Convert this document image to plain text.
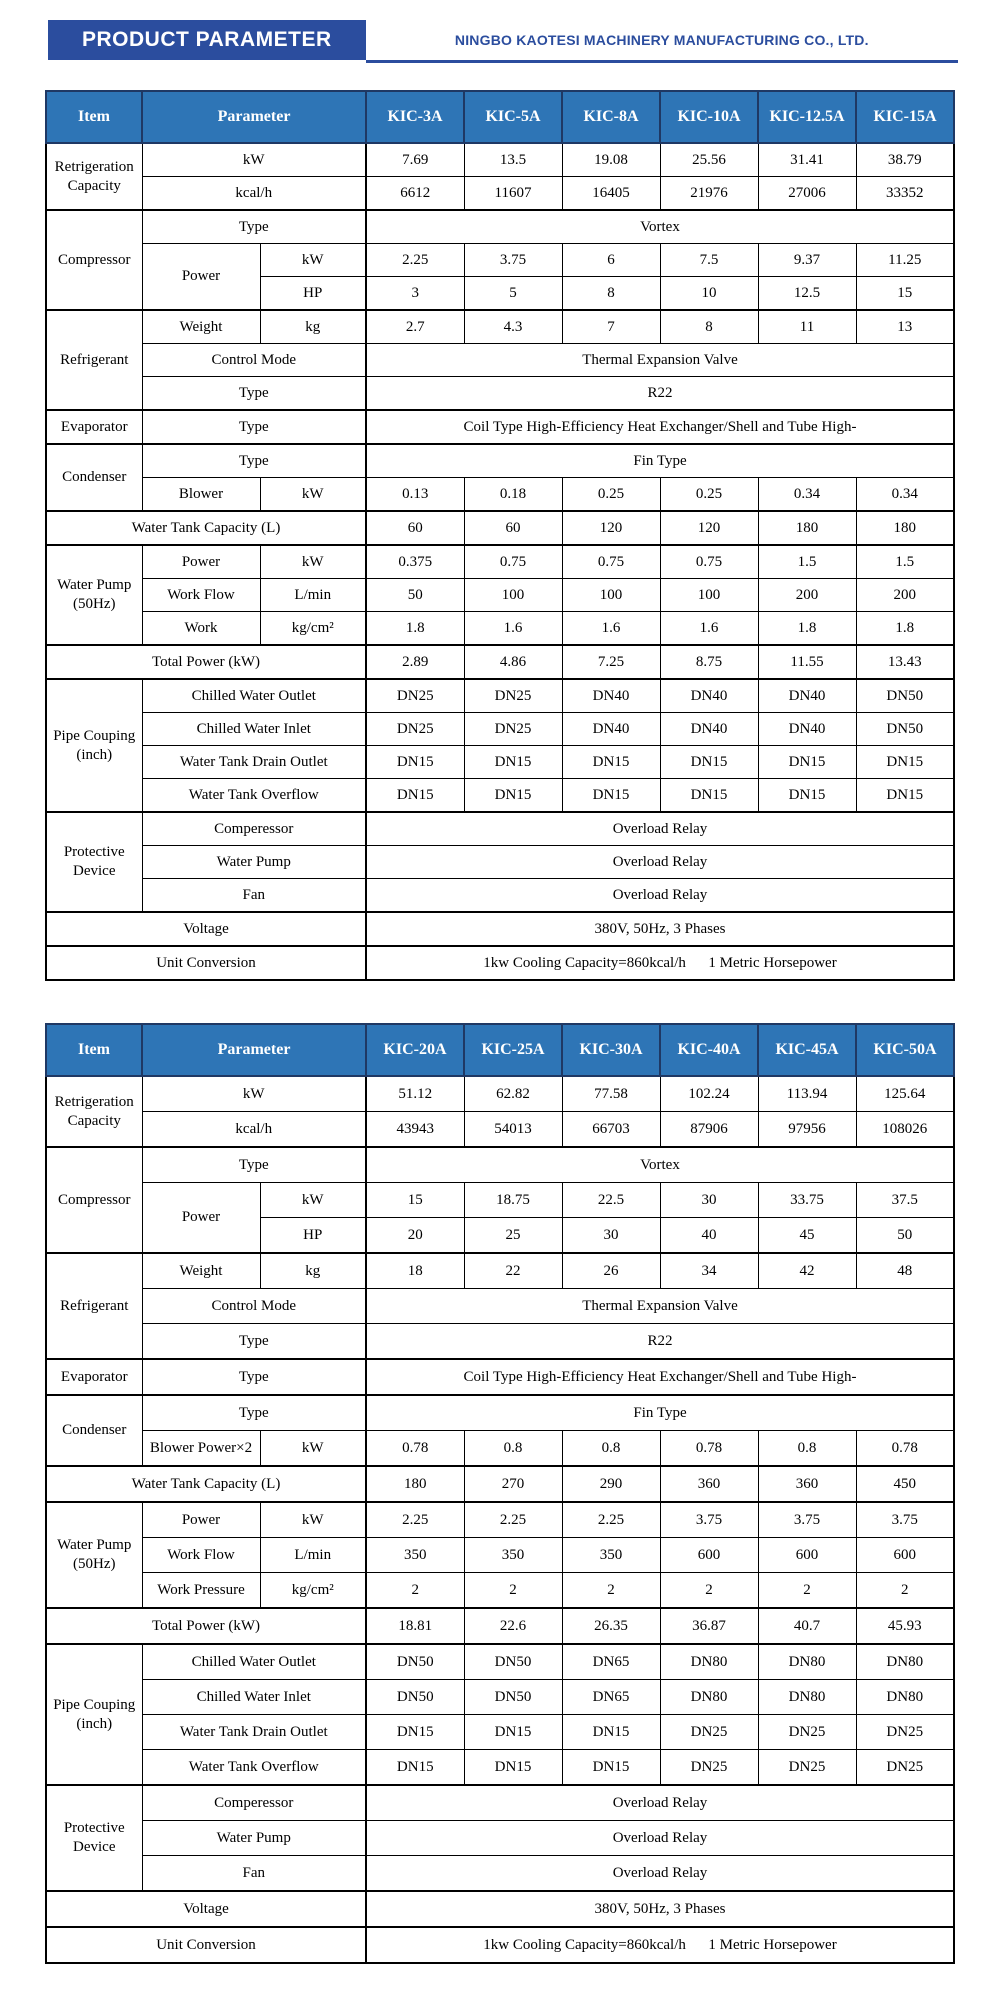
PRODUCT PARAMETER	NINGBO KAOTESI MACHINERY MANUFACTURING CO., LTD.
Item	Parameter		KIC-3A	KIC-5A	KIC-8A	KIC-10A	KIC-12.5A	KIC-15A
Retrigeration Capacity	kW		7.69	13.5	19.08	25.56	31.41	38.79
	kcal/h		6612	11607	16405	21976	27006	33352
Compressor	Type		Vortex					
	Power	kW	2.25	3.75	6	7.5	9.37	11.25
		HP	3	5	8	10	12.5	15
Refrigerant	Weight	kg	2.7	4.3	7	8	11	13
	Control Mode		Thermal Expansion Valve					
	Type		R22					
Evaporator	Type		Coil Type High-Efficiency Heat Exchanger/Shell and Tube High-					
Condenser	Type		Fin Type					
	Blower	kW	0.13	0.18	0.25	0.25	0.34	0.34
Water Tank Capacity (L)			60	60	120	120	180	180
Water Pump (50Hz)	Power	kW	0.375	0.75	0.75	0.75	1.5	1.5
	Work Flow	L/min	50	100	100	100	200	200
	Work	kg/cm²	1.8	1.6	1.6	1.6	1.8	1.8
Total Power (kW)			2.89	4.86	7.25	8.75	11.55	13.43
Pipe Couping (inch)	Chilled Water Outlet		DN25	DN25	DN40	DN40	DN40	DN50
	Chilled Water Inlet		DN25	DN25	DN40	DN40	DN40	DN50
	Water Tank Drain Outlet		DN15	DN15	DN15	DN15	DN15	DN15
	Water Tank Overflow		DN15	DN15	DN15	DN15	DN15	DN15
Protective Device	Comperessor		Overload Relay					
	Water Pump		Overload Relay					
	Fan		Overload Relay					
Voltage			380V, 50Hz, 3 Phases					
Unit Conversion			1kw Cooling Capacity=860kcal/h      1 Metric Horsepower					
Item	Parameter		KIC-20A	KIC-25A	KIC-30A	KIC-40A	KIC-45A	KIC-50A
Retrigeration Capacity	kW		51.12	62.82	77.58	102.24	113.94	125.64
	kcal/h		43943	54013	66703	87906	97956	108026
Compressor	Type		Vortex					
	Power	kW	15	18.75	22.5	30	33.75	37.5
		HP	20	25	30	40	45	50
Refrigerant	Weight	kg	18	22	26	34	42	48
	Control Mode		Thermal Expansion Valve					
	Type		R22					
Evaporator	Type		Coil Type High-Efficiency Heat Exchanger/Shell and Tube High-					
Condenser	Type		Fin Type					
	Blower Power×2	kW	0.78	0.8	0.8	0.78	0.8	0.78
Water Tank Capacity (L)			180	270	290	360	360	450
Water Pump (50Hz)	Power	kW	2.25	2.25	2.25	3.75	3.75	3.75
	Work Flow	L/min	350	350	350	600	600	600
	Work Pressure	kg/cm²	2	2	2	2	2	2
Total Power (kW)			18.81	22.6	26.35	36.87	40.7	45.93
Pipe Couping (inch)	Chilled Water Outlet		DN50	DN50	DN65	DN80	DN80	DN80
	Chilled Water Inlet		DN50	DN50	DN65	DN80	DN80	DN80
	Water Tank Drain Outlet		DN15	DN15	DN15	DN25	DN25	DN25
	Water Tank Overflow		DN15	DN15	DN15	DN25	DN25	DN25
Protective Device	Comperessor		Overload Relay					
	Water Pump		Overload Relay					
	Fan		Overload Relay					
Voltage			380V, 50Hz, 3 Phases					
Unit Conversion			1kw Cooling Capacity=860kcal/h      1 Metric Horsepower					
